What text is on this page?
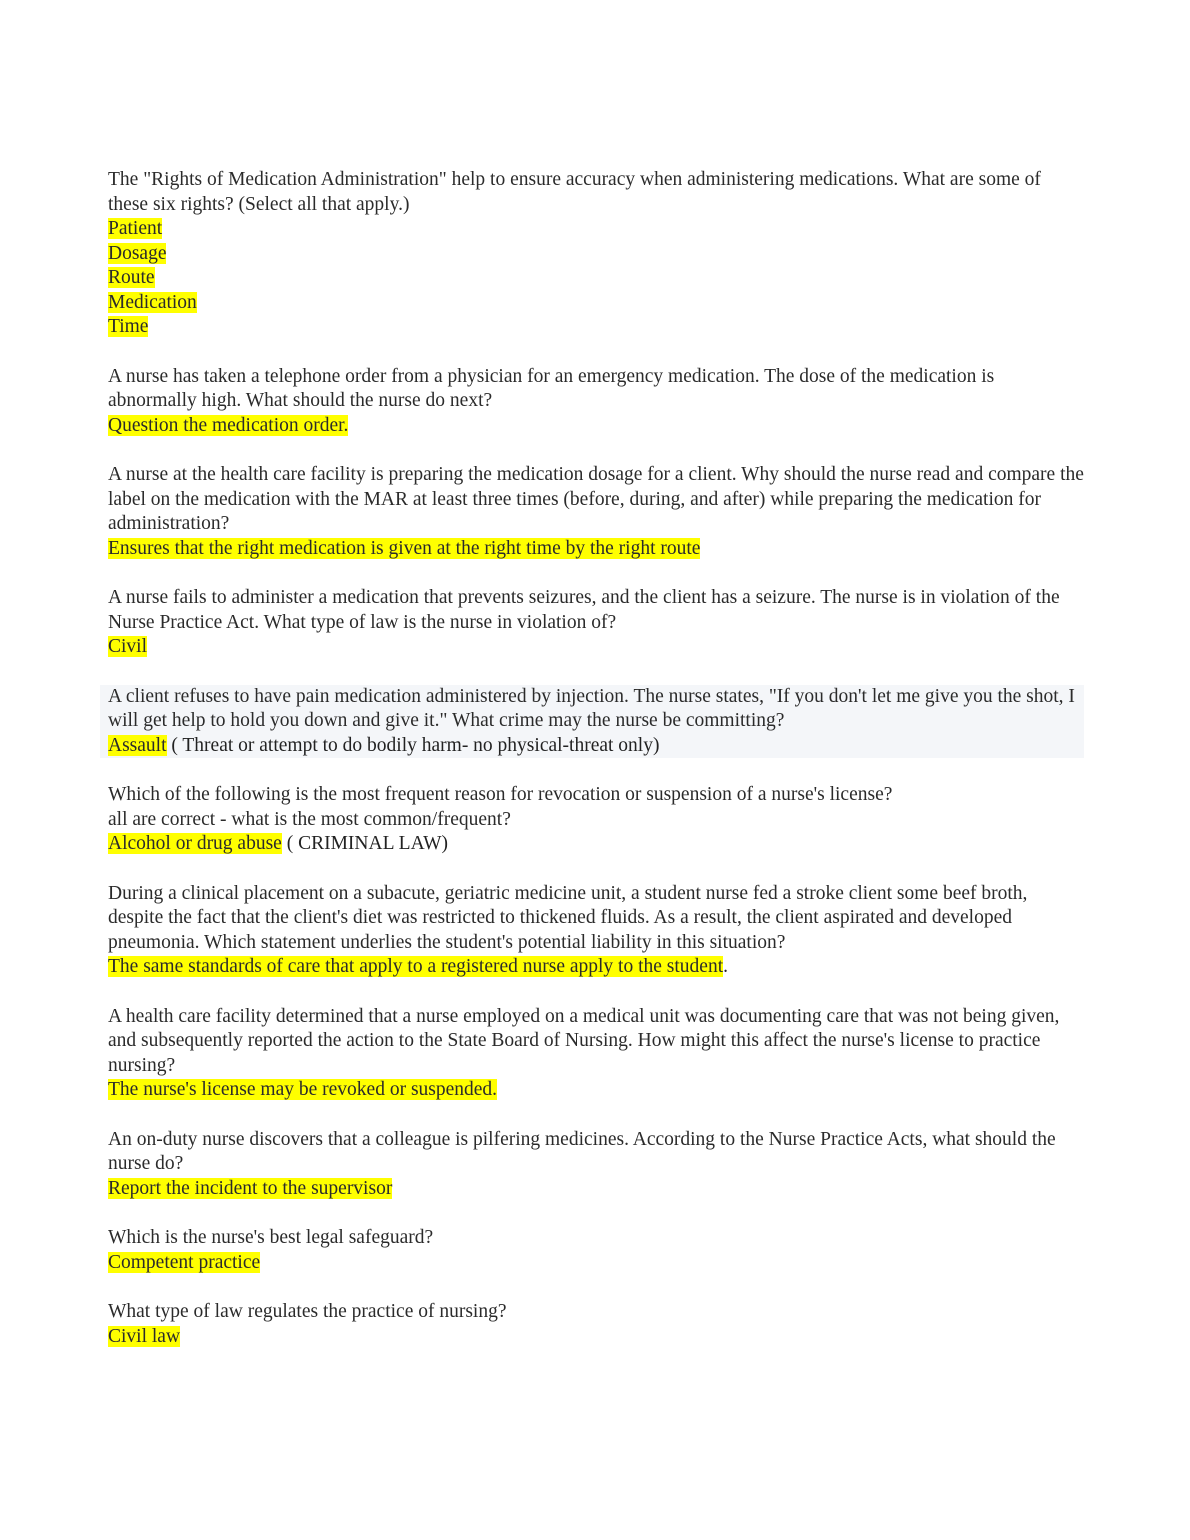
The "Rights of Medication Administration" help to ensure accuracy when administering medications. What are some of these six rights? (Select all that apply.)
Patient
Dosage
Route
Medication
Time
A nurse has taken a telephone order from a physician for an emergency medication. The dose of the medication is abnormally high. What should the nurse do next?
Question the medication order.
A nurse at the health care facility is preparing the medication dosage for a client. Why should the nurse read and compare the label on the medication with the MAR at least three times (before, during, and after) while preparing the medication for administration?
Ensures that the right medication is given at the right time by the right route
A nurse fails to administer a medication that prevents seizures, and the client has a seizure. The nurse is in violation of the Nurse Practice Act. What type of law is the nurse in violation of?
Civil
A client refuses to have pain medication administered by injection. The nurse states, "If you don't let me give you the shot, I will get help to hold you down and give it." What crime may the nurse be committing?
Assault ( Threat or attempt to do bodily harm- no physical-threat only)
Which of the following is the most frequent reason for revocation or suspension of a nurse's license?
all are correct - what is the most common/frequent?
Alcohol or drug abuse ( CRIMINAL LAW)
During a clinical placement on a subacute, geriatric medicine unit, a student nurse fed a stroke client some beef broth, despite the fact that the client's diet was restricted to thickened fluids. As a result, the client aspirated and developed pneumonia. Which statement underlies the student's potential liability in this situation?
The same standards of care that apply to a registered nurse apply to the student.
A health care facility determined that a nurse employed on a medical unit was documenting care that was not being given, and subsequently reported the action to the State Board of Nursing. How might this affect the nurse's license to practice nursing?
The nurse's license may be revoked or suspended.
An on-duty nurse discovers that a colleague is pilfering medicines. According to the Nurse Practice Acts, what should the nurse do?
Report the incident to the supervisor
Which is the nurse's best legal safeguard?
Competent practice
What type of law regulates the practice of nursing?
Civil law
